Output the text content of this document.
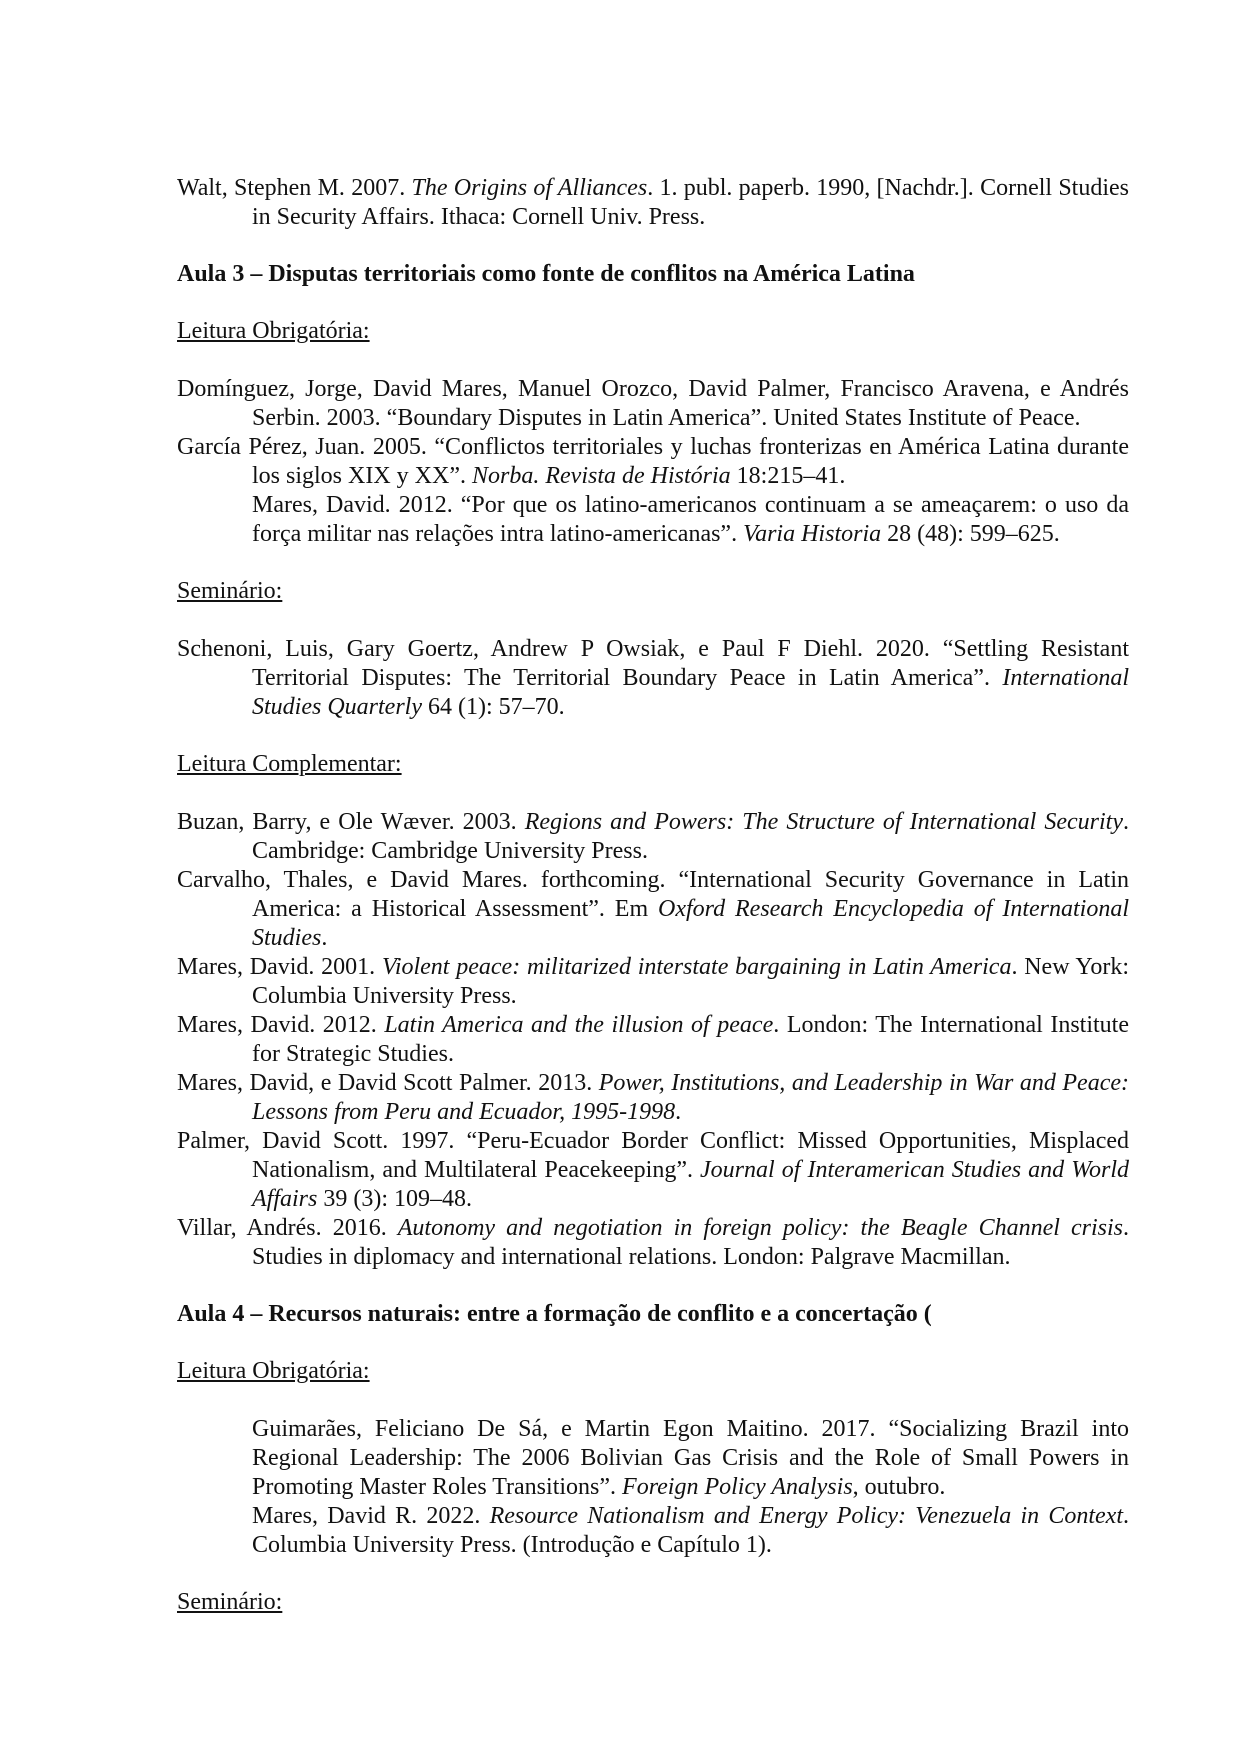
Walt, Stephen M. 2007. The Origins of Alliances. 1. publ. paperb. 1990, [Nachdr.]. Cornell Studies in Security Affairs. Ithaca: Cornell Univ. Press.
Aula 3 – Disputas territoriais como fonte de conflitos na América Latina
Leitura Obrigatória:
Domínguez, Jorge, David Mares, Manuel Orozco, David Palmer, Francisco Aravena, e Andrés Serbin. 2003. “Boundary Disputes in Latin America”. United States Institute of Peace.
García Pérez, Juan. 2005. “Conflictos territoriales y luchas fronterizas en América Latina durante los siglos XIX y XX”. Norba. Revista de História 18:215–41.
Mares, David. 2012. “Por que os latino-americanos continuam a se ameaçarem: o uso da força militar nas relações intra latino-americanas”. Varia Historia 28 (48): 599–625.
Seminário:
Schenoni, Luis, Gary Goertz, Andrew P Owsiak, e Paul F Diehl. 2020. “Settling Resistant Territorial Disputes: The Territorial Boundary Peace in Latin America”. International Studies Quarterly 64 (1): 57–70.
Leitura Complementar:
Buzan, Barry, e Ole Wæver. 2003. Regions and Powers: The Structure of International Security. Cambridge: Cambridge University Press.
Carvalho, Thales, e David Mares. forthcoming. “International Security Governance in Latin America: a Historical Assessment”. Em Oxford Research Encyclopedia of International Studies.
Mares, David. 2001. Violent peace: militarized interstate bargaining in Latin America. New York: Columbia University Press.
Mares, David. 2012. Latin America and the illusion of peace. London: The International Institute for Strategic Studies.
Mares, David, e David Scott Palmer. 2013. Power, Institutions, and Leadership in War and Peace: Lessons from Peru and Ecuador, 1995-1998.
Palmer, David Scott. 1997. “Peru-Ecuador Border Conflict: Missed Opportunities, Misplaced Nationalism, and Multilateral Peacekeeping”. Journal of Interamerican Studies and World Affairs 39 (3): 109–48.
Villar, Andrés. 2016. Autonomy and negotiation in foreign policy: the Beagle Channel crisis. Studies in diplomacy and international relations. London: Palgrave Macmillan.
Aula 4 – Recursos naturais: entre a formação de conflito e a concertação (
Leitura Obrigatória:
Guimarães, Feliciano De Sá, e Martin Egon Maitino. 2017. “Socializing Brazil into Regional Leadership: The 2006 Bolivian Gas Crisis and the Role of Small Powers in Promoting Master Roles Transitions”. Foreign Policy Analysis, outubro.
Mares, David R. 2022. Resource Nationalism and Energy Policy: Venezuela in Context. Columbia University Press. (Introdução e Capítulo 1).
Seminário:
